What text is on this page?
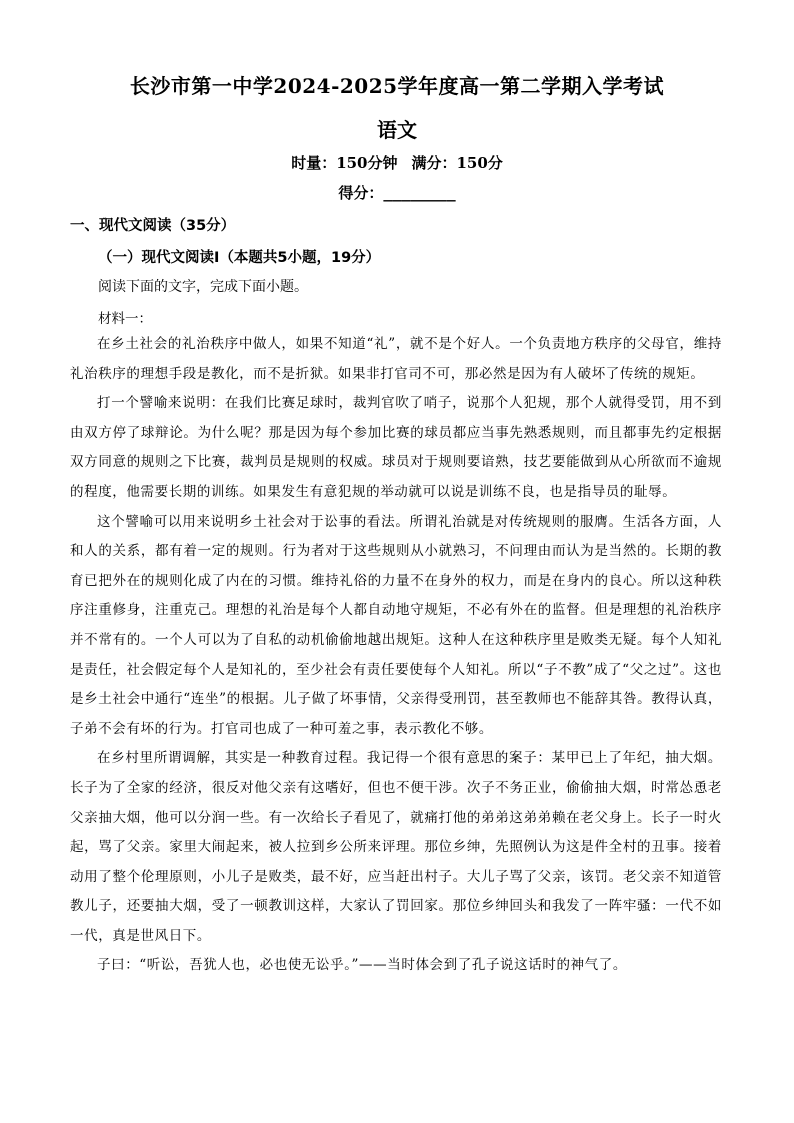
长沙市第一中学2024-2025学年度高一第二学期入学考试
语文
时量：150分钟 满分：150分
得分：________
一、现代文阅读（35分）
（一）现代文阅读Ⅰ（本题共5小题，19分）
阅读下面的文字，完成下面小题。
材料一：

在乡土社会的礼治秩序中做人，如果不知道“礼”，就不是个好人。一个负责地方秩序的父母官，维持礼治秩序的理想手段是教化，而不是折狱。如果非打官司不可，那必然是因为有人破坏了传统的规矩。

打一个譬喻来说明：在我们比赛足球时，裁判官吹了哨子，说那个人犯规，那个人就得受罚，用不到由双方停了球辩论。为什么呢？那是因为每个参加比赛的球员都应当事先熟悉规则，而且都事先约定根据双方同意的规则之下比赛，裁判员是规则的权威。球员对于规则要谙熟，技艺要能做到从心所欲而不逾规的程度，他需要长期的训练。如果发生有意犯规的举动就可以说是训练不良，也是指导员的耻辱。

这个譬喻可以用来说明乡土社会对于讼事的看法。所谓礼治就是对传统规则的服膺。生活各方面，人和人的关系，都有着一定的规则。行为者对于这些规则从小就熟习，不问理由而认为是当然的。长期的教育已把外在的规则化成了内在的习惯。维持礼俗的力量不在身外的权力，而是在身内的良心。所以这种秩序注重修身，注重克己。理想的礼治是每个人都自动地守规矩，不必有外在的监督。但是理想的礼治秩序并不常有的。一个人可以为了自私的动机偷偷地越出规矩。这种人在这种秩序里是败类无疑。每个人知礼是责任，社会假定每个人是知礼的，至少社会有责任要使每个人知礼。所以“子不教”成了“父之过”。这也是乡土社会中通行“连坐”的根据。儿子做了坏事情，父亲得受刑罚，甚至教师也不能辞其咎。教得认真，子弟不会有坏的行为。打官司也成了一种可羞之事，表示教化不够。

在乡村里所谓调解，其实是一种教育过程。我记得一个很有意思的案子：某甲已上了年纪，抽大烟。长子为了全家的经济，很反对他父亲有这嗜好，但也不便干涉。次子不务正业，偷偷抽大烟，时常怂恿老父亲抽大烟，他可以分润一些。有一次给长子看见了，就痛打他的弟弟这弟弟赖在老父身上。长子一时火起，骂了父亲。家里大闹起来，被人拉到乡公所来评理。那位乡绅，先照例认为这是件全村的丑事。接着动用了整个伦理原则，小儿子是败类，最不好，应当赶出村子。大儿子骂了父亲，该罚。老父亲不知道管教儿子，还要抽大烟，受了一顿教训这样，大家认了罚回家。那位乡绅回头和我发了一阵牢骚：一代不如一代，真是世风日下。

子曰：“听讼，吾犹人也，必也使无讼乎。”——当时体会到了孔子说这话时的神气了。
